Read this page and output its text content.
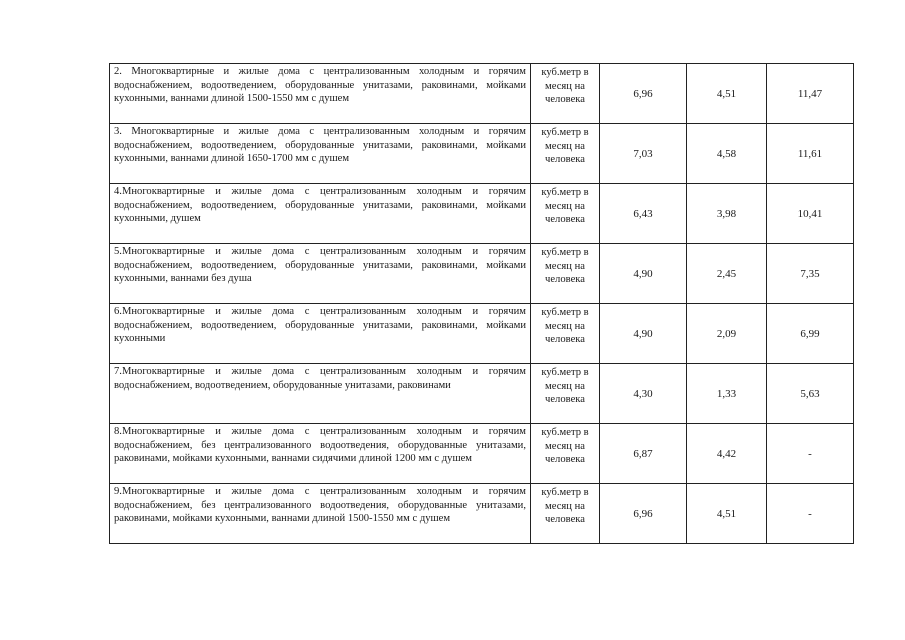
2. Многоквартирные и жилые дома с централизованным холодным и горячим водоснабжением, водоотведением, оборудованные унитазами, раковинами, мойками кухонными, ваннами длиной 1500-1550 мм с душем	куб.метр в месяц на человека	6,96	4,51	11,47
3. Многоквартирные и жилые дома с централизованным холодным и горячим водоснабжением, водоотведением, оборудованные унитазами, раковинами, мойками кухонными, ваннами длиной 1650-1700 мм с душем	куб.метр в месяц на человека	7,03	4,58	11,61
4.Многоквартирные и жилые дома с централизованным холодным и горячим водоснабжением, водоотведением, оборудованные унитазами, раковинами, мойками кухонными, душем	куб.метр в месяц на человека	6,43	3,98	10,41
5.Многоквартирные и жилые дома с централизованным холодным и горячим водоснабжением, водоотведением, оборудованные унитазами, раковинами, мойками кухонными, ваннами без душа	куб.метр в месяц на человека	4,90	2,45	7,35
6.Многоквартирные и жилые дома с централизованным холодным и горячим водоснабжением, водоотведением, оборудованные унитазами, раковинами, мойками кухонными	куб.метр в месяц на человека	4,90	2,09	6,99
7.Многоквартирные и жилые дома с централизованным холодным и горячим водоснабжением, водоотведением, оборудованные унитазами, раковинами	куб.метр в месяц на человека	4,30	1,33	5,63
8.Многоквартирные и жилые дома с централизованным холодным и горячим водоснабжением, без централизованного водоотведения, оборудованные унитазами, раковинами, мойками кухонными, ваннами сидячими длиной 1200 мм с душем	куб.метр в месяц на человека	6,87	4,42	-
9.Многоквартирные и жилые дома с централизованным холодным и горячим водоснабжением, без централизованного водоотведения, оборудованные унитазами, раковинами, мойками кухонными, ваннами длиной 1500-1550 мм с душем	куб.метр в месяц на человека	6,96	4,51	-
